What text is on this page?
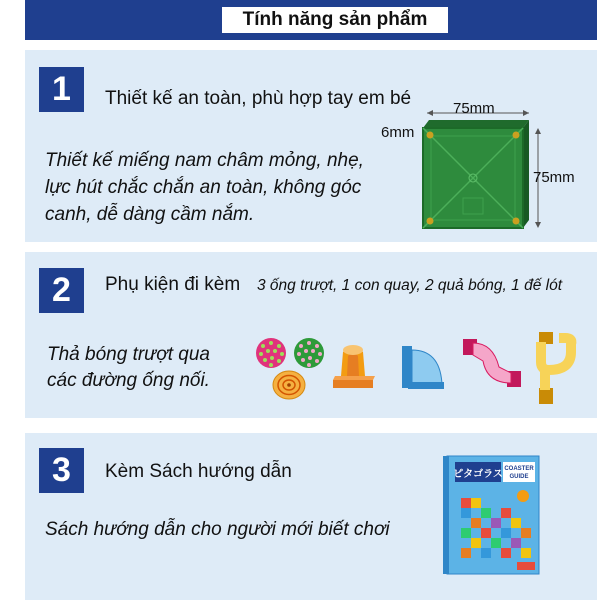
Tính năng sản phẩm
1	Thiết kế an toàn, phù hợp tay em bé
Thiết kế miếng nam châm mỏng, nhẹ,
lực hút chắc chắn an toàn, không góc
canh, dễ dàng cầm nắm.
75mm
75mm
6mm
2	Phụ kiện đi kèm 3 ống trượt, 1 con quay, 2 quả bóng, 1 đế lót
Thả bóng trượt qua
các đường ống nối.
3	Kèm Sách hướng dẫn
Sách hướng dẫn cho người mới biết chơi
ピタゴラス COASTER
GUIDE
